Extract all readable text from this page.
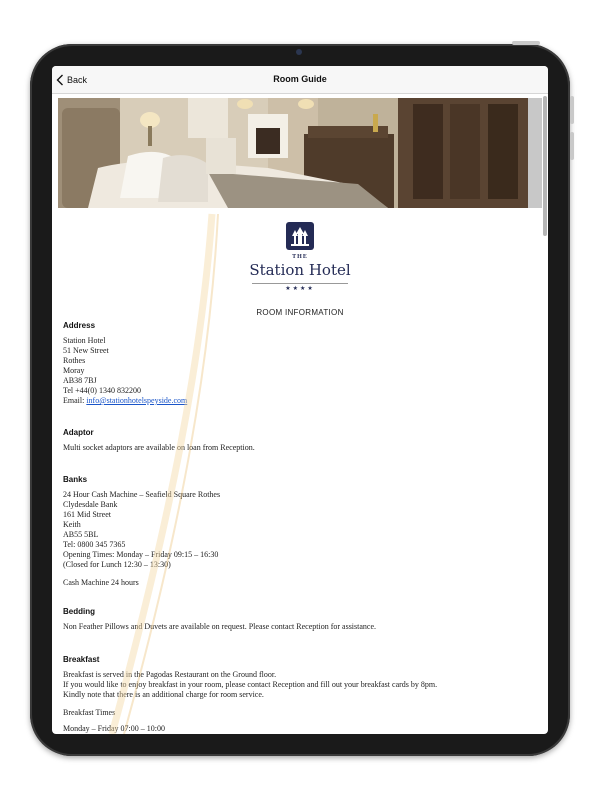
Back	Room Guide
THE
Station Hotel
★★★★
ROOM INFORMATION
Address
Station Hotel
51 New Street
Rothes
Moray
AB38 7BJ
Tel +44(0) 1340 832200
Email: info@stationhotelspeyside.com
Adaptor
Multi socket adaptors are available on loan from Reception.
Banks
24 Hour Cash Machine – Seafield Square Rothes
Clydesdale Bank
161 Mid Street
Keith
AB55 5BL
Tel: 0800 345 7365
Opening Times: Monday – Friday 09:15 – 16:30
(Closed for Lunch 12:30 – 13:30)
Cash Machine 24 hours
Bedding
Non Feather Pillows and Duvets are available on request. Please contact Reception for assistance.
Breakfast
Breakfast is served in the Pagodas Restaurant on the Ground floor.
If you would like to enjoy breakfast in your room, please contact Reception and fill out your breakfast cards by 8pm.
Kindly note that there is an additional charge for room service.
Breakfast Times
Monday – Friday 07:00 – 10:00
